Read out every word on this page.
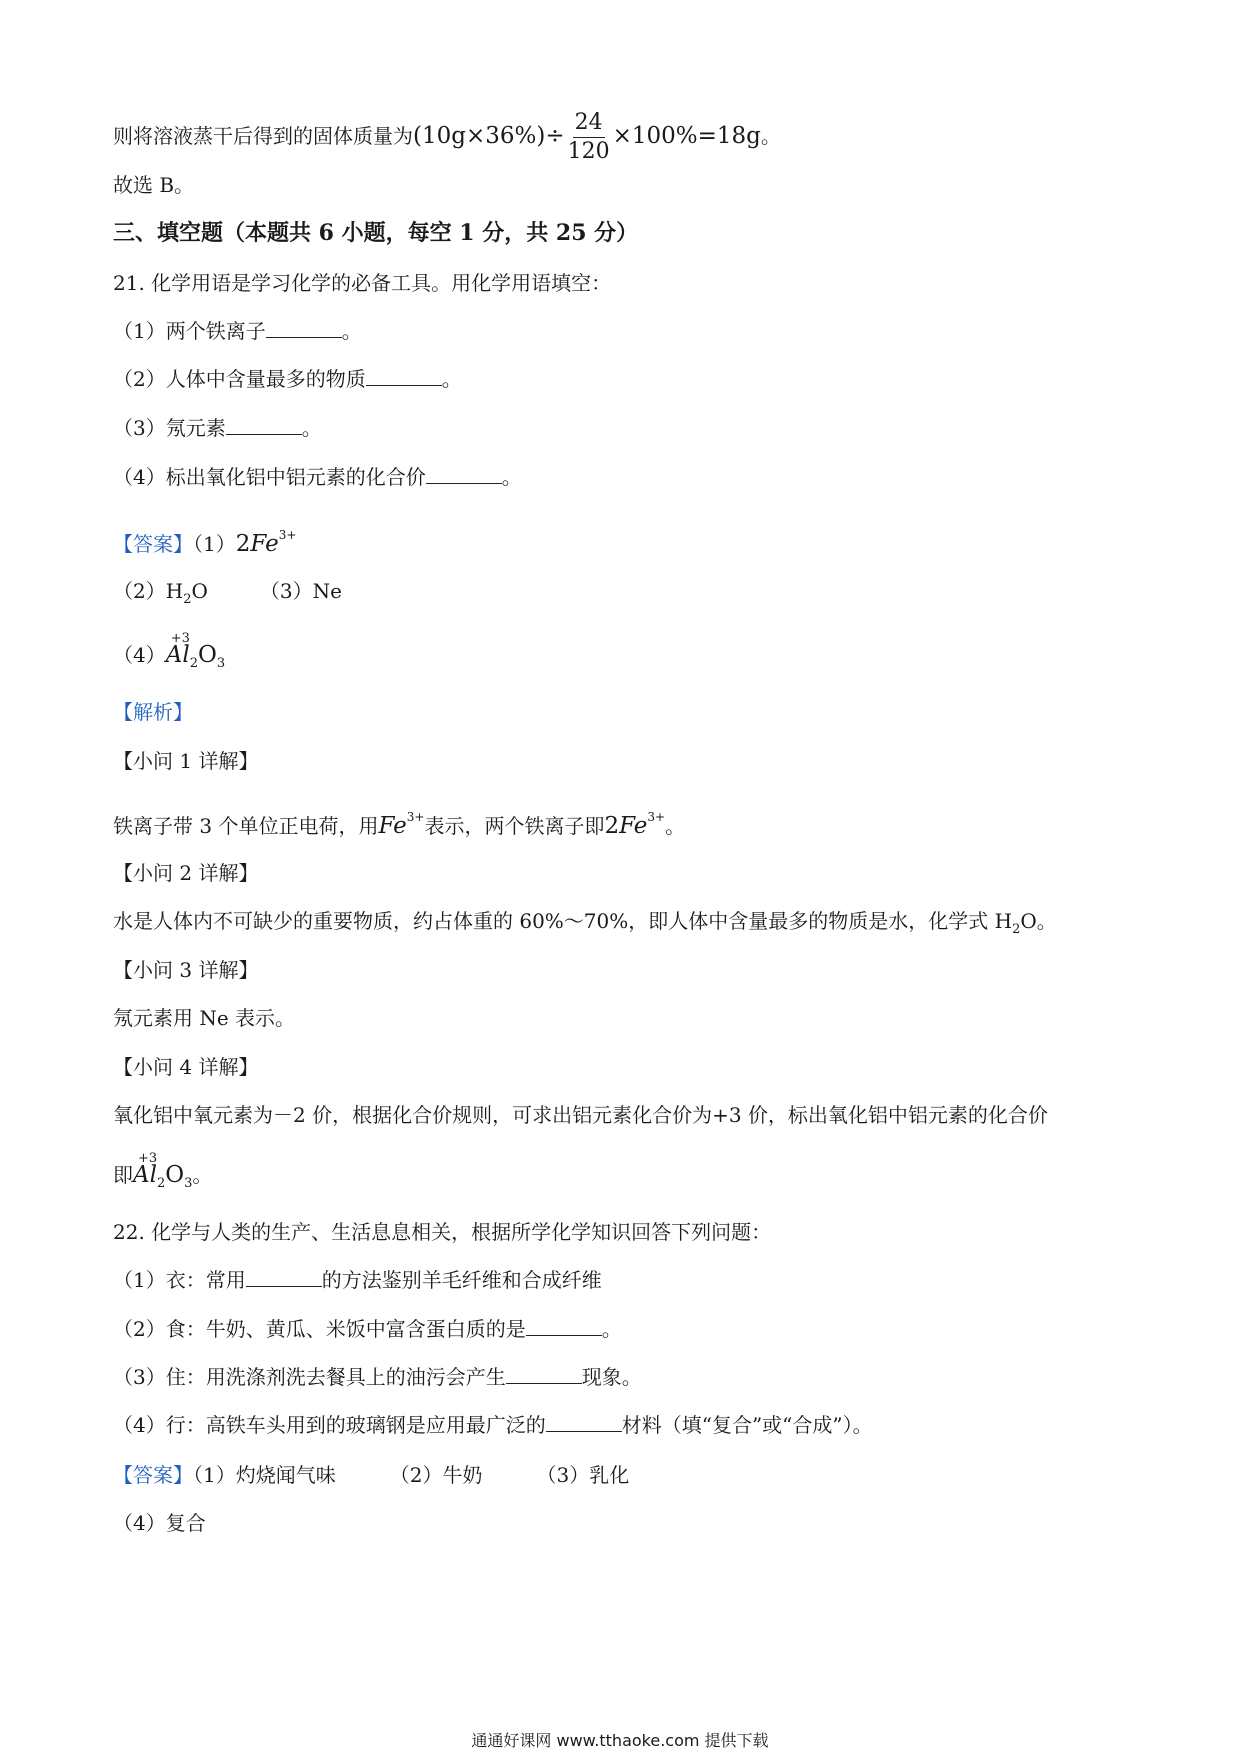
则将溶液蒸干后得到的固体质量为$(10g\times 36\%)\div \frac{24}{120} \times 100\%=18g$。
故选 B。
三、填空题（本题共 6 小题，每空 1 分，共 25 分）
21. 化学用语是学习化学的必备工具。用化学用语填空：
（1）两个铁离子	。
（2）人体中含量最多的物质	。
（3）氖元素	。
（4）标出氧化铝中铝元素的化合价	。
【答案】$(1)2Fe^{3+}$
$(2)H_2O$	（3）Ne
（4）
+3
$Al_2O_3$
【解析】
【小问 1 详解】
铁离子带 3 个单位正电荷，用$Fe^{3+}$表示，两个铁离子即$2Fe^{3+}$。
【小问 2 详解】
水是人体内不可缺少的重要物质，约占体重的 60%～70%，即人体中含量最多的物质是水，化学式 $H_2O$。
【小问 3 详解】
氖元素用 Ne 表示。
【小问 4 详解】
氧化铝中氧元素为－2 价，根据化合价规则，可求出铝元素化合价为+3 价，标出氧化铝中铝元素的化合价
即
+3
$Al_2O_3$。
22. 化学与人类的生产、生活息息相关，根据所学化学知识回答下列问题：
（1）衣：常用	的方法鉴别羊毛纤维和合成纤维
（2）食：牛奶、黄瓜、米饭中富含蛋白质的是	。
（3）住：用洗涤剂洗去餐具上的油污会产生	现象。
（4）行：高铁车头用到的玻璃钢是应用最广泛的	材料（填“复合”或“合成”）。
【答案】（1）灼烧闻气味	（2）牛奶	（3）乳化
（4）复合
通通好课网 www.tthaoke.com 提供下载
